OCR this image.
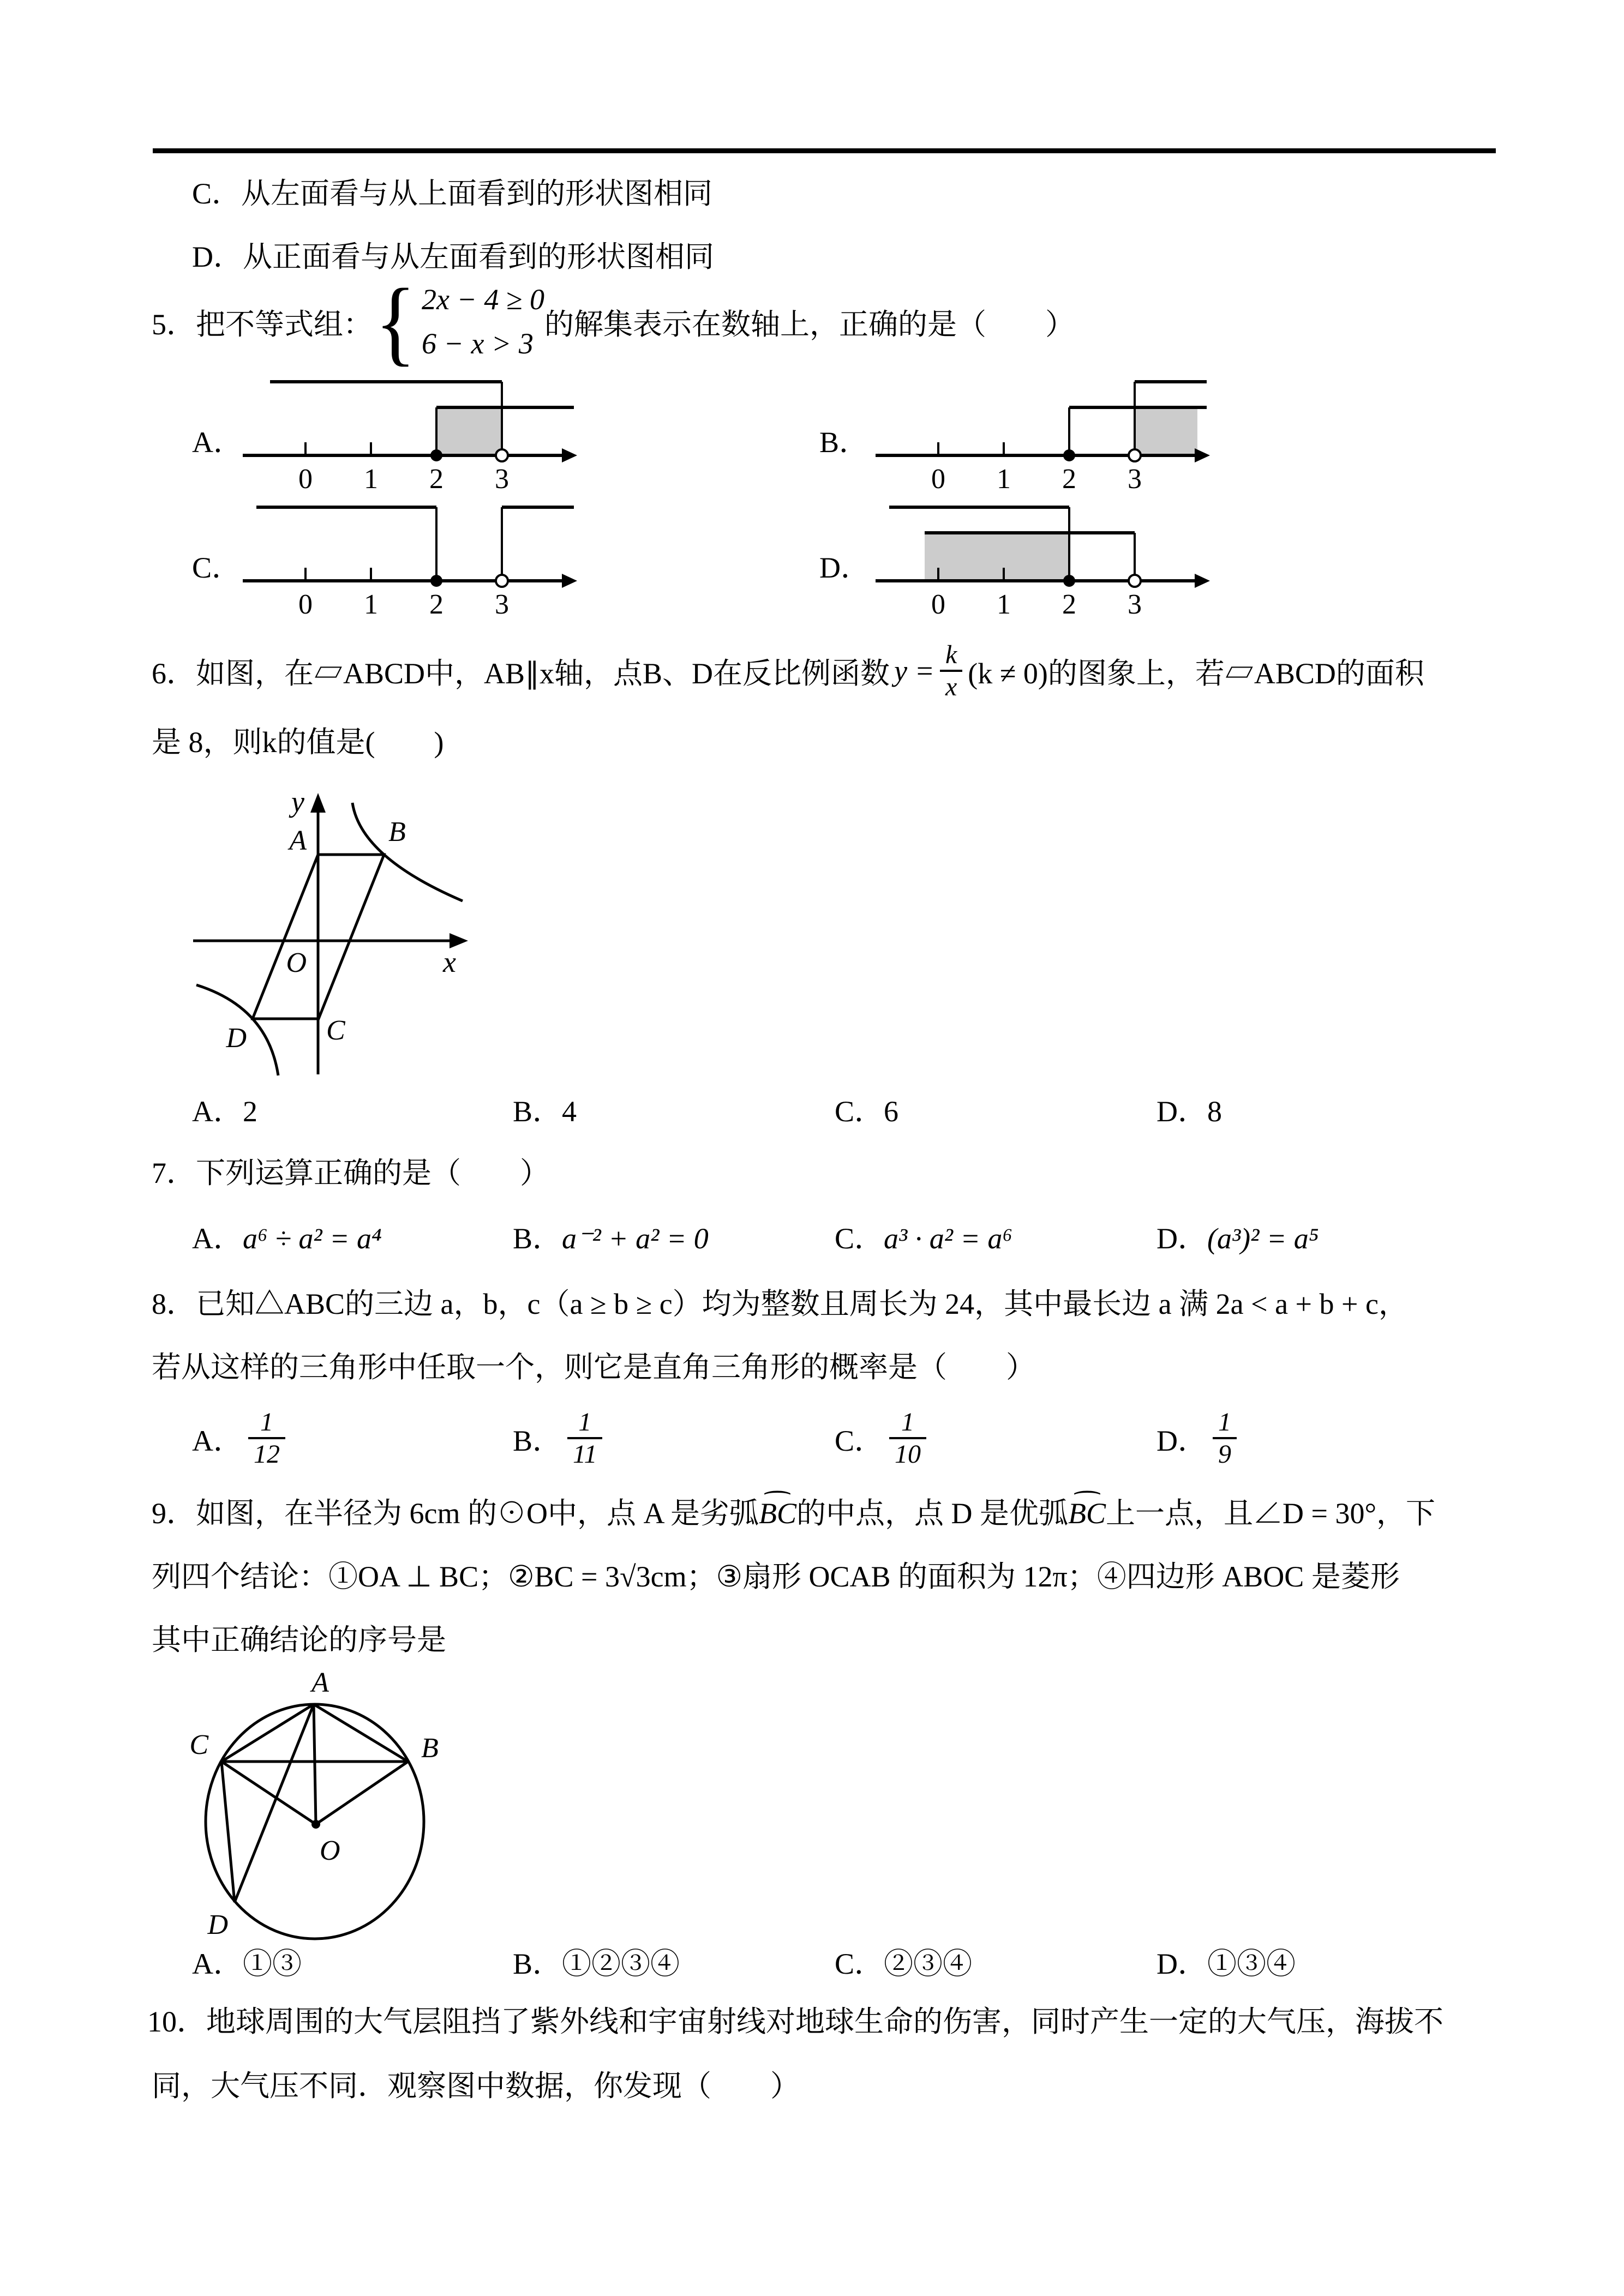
C．从左面看与从上面看到的形状图相同
D．从正面看与从左面看到的形状图相同
5．把不等式组： { 2x − 4 ≥ 0
6 − x > 3
的解集表示在数轴上，正确的是（　　）
A．
0 1 2 3
B．
0 1 2 3
C．
0 1 2 3
D．
0 1 2 3
6．如图，在▱ABCD中，AB∥x轴，点B、D在反比例函数 $y = \frac{k}{x} (k \ne 0)$的图象上，若▱ABCD的面积
是 8，则k的值是(　　)
y
x
A	B
C
D
O
A．2	B．4	C．6	D．8
7．下列运算正确的是（　　）
A．a⁶ ÷ a² = a⁴	B．a⁻² + a² = 0	C．a³ · a² = a⁶	D．(a³)² = a⁵
8．已知△ABC的三边 a，b，c（a ≥ b ≥ c）均为整数且周长为 24，其中最长边 a 满 2a < a + b + c，
若从这样的三角形中任取一个，则它是直角三角形的概率是（　　）
A． $\frac{1}{12}$	B． $\frac{1}{11}$	C． $\frac{1}{10}$	D． $\frac{1}{9}$
9．如图，在半径为 6cm 的⊙O中，点 A 是劣弧
⌢
BC的中点，点 D 是优弧
⌢
BC上一点，且∠D = 30°，下
列四个结论：①OA ⊥ BC；②BC = 3√3cm；③扇形 OCAB 的面积为 12π；④四边形 ABOC 是菱形
其中正确结论的序号是
A
B
C
D
O
A．①③	B．①②③④	C．②③④	D．①③④
10．地球周围的大气层阻挡了紫外线和宇宙射线对地球生命的伤害，同时产生一定的大气压，海拔不
同，大气压不同．观察图中数据，你发现（　　）
